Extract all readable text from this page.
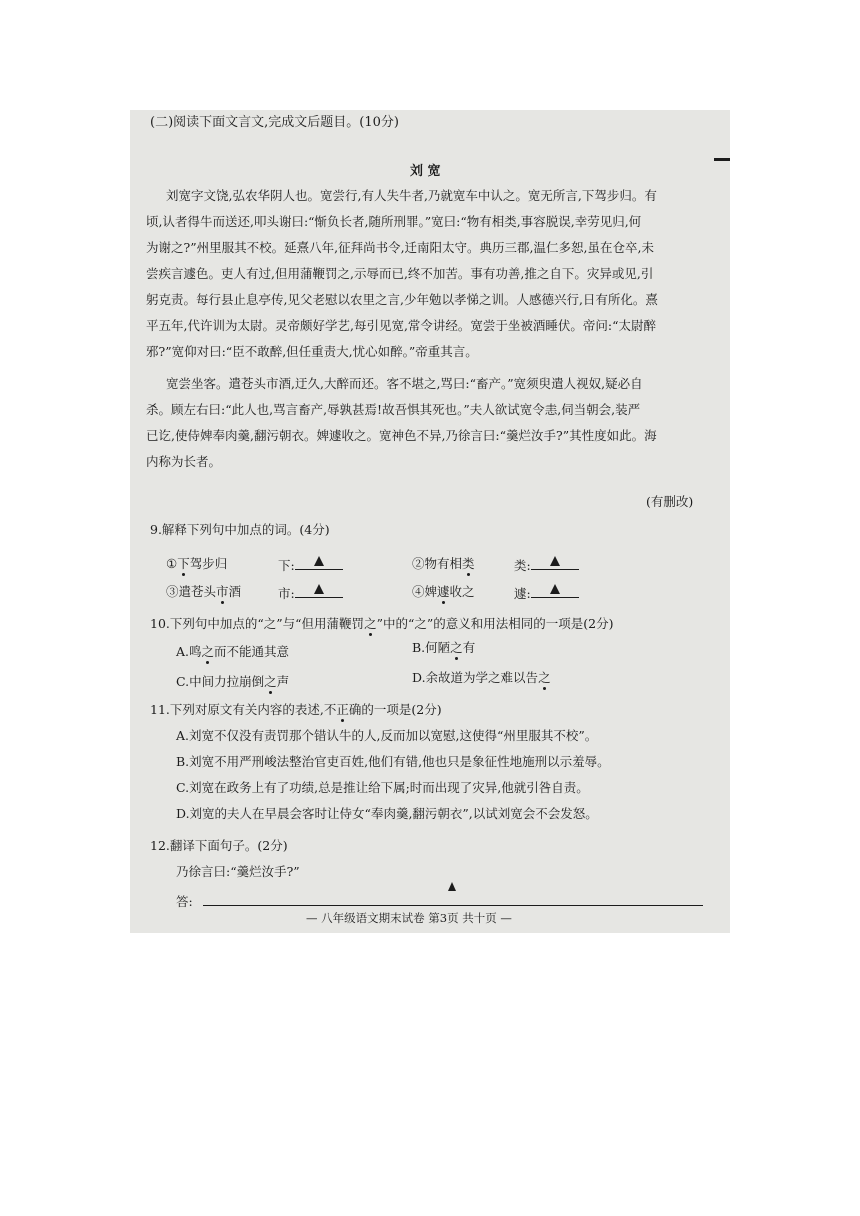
(二)阅读下面文言文,完成文后题目。(10分)
刘 宽
刘宽字文饶,弘农华阴人也。宽尝行,有人失牛者,乃就宽车中认之。宽无所言,下驾步归。有
顷,认者得牛而送还,叩头谢曰:“惭负长者,随所刑罪。”宽曰:“物有相类,事容脱误,幸劳见归,何
为谢之?”州里服其不校。延熹八年,征拜尚书令,迁南阳太守。典历三郡,温仁多恕,虽在仓卒,未
尝疾言遽色。吏人有过,但用蒲鞭罚之,示辱而已,终不加苦。事有功善,推之自下。灾异或见,引
躬克责。每行县止息亭传,见父老慰以农里之言,少年勉以孝悌之训。人感德兴行,日有所化。熹
平五年,代许训为太尉。灵帝颇好学艺,每引见宽,常令讲经。宽尝于坐被酒睡伏。帝问:“太尉醉
邪?”宽仰对曰:“臣不敢醉,但任重责大,忧心如醉。”帝重其言。
宽尝坐客。遣苍头市酒,迂久,大醉而还。客不堪之,骂曰:“畜产。”宽须臾遣人视奴,疑必自
杀。顾左右曰:“此人也,骂言畜产,辱孰甚焉!故吾惧其死也。”夫人欲试宽令恚,伺当朝会,装严
已讫,使侍婢奉肉羹,翻污朝衣。婢遽收之。宽神色不异,乃徐言曰:“羹烂汝手?”其性度如此。海
内称为长者。
(有删改)
9.解释下列句中加点的词。(4分)
①下驾步归	下:	②物有相类	类:
③遣苍头市酒	市:	④婢遽收之	遽:
10.下列句中加点的“之”与“但用蒲鞭罚之”中的“之”的意义和用法相同的一项是(2分)
A.鸣之而不能通其意	B.何陋之有
C.中间力拉崩倒之声	D.余故道为学之难以告之
11.下列对原文有关内容的表述,不正确的一项是(2分)
A.刘宽不仅没有责罚那个错认牛的人,反而加以宽慰,这使得“州里服其不校”。
B.刘宽不用严刑峻法整治官吏百姓,他们有错,他也只是象征性地施刑以示羞辱。
C.刘宽在政务上有了功绩,总是推让给下属;时而出现了灾异,他就引咎自责。
D.刘宽的夫人在早晨会客时让侍女“奉肉羹,翻污朝衣”,以试刘宽会不会发怒。
12.翻译下面句子。(2分)
乃徐言曰:“羹烂汝手?”
答:
— 八年级语文期末试卷 第3页 共十页 —
